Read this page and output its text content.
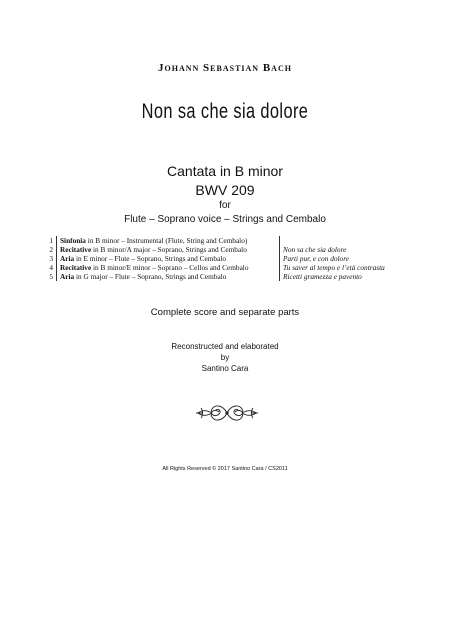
Johann Sebastian Bach
Non sa che sia dolore
Cantata in B minor
BWV 209
for
Flute – Soprano voice – Strings and Cembalo
1	Sinfonia in B minor – Instrumental (Flute, String and Cembalo)	
2	Recitative in B minor/A major – Soprano, Strings and Cembalo	Non sa che sia dolore
3	Aria in E minor – Flute – Soprano, Strings and Cembalo	Parti pur, e con dolore
4	Recitative in B minor/E minor – Soprano – Cellos and Cembalo	Tu saver al tempo e l’età contrasta
5	Aria in G major – Flute – Soprano, Strings and Cembalo	Ricetti gramezza e pavento
Complete score and separate parts
Reconstructed and elaborated
by
Santino Cara
All Rights Reserved © 2017 Santino Cara / CS2011
